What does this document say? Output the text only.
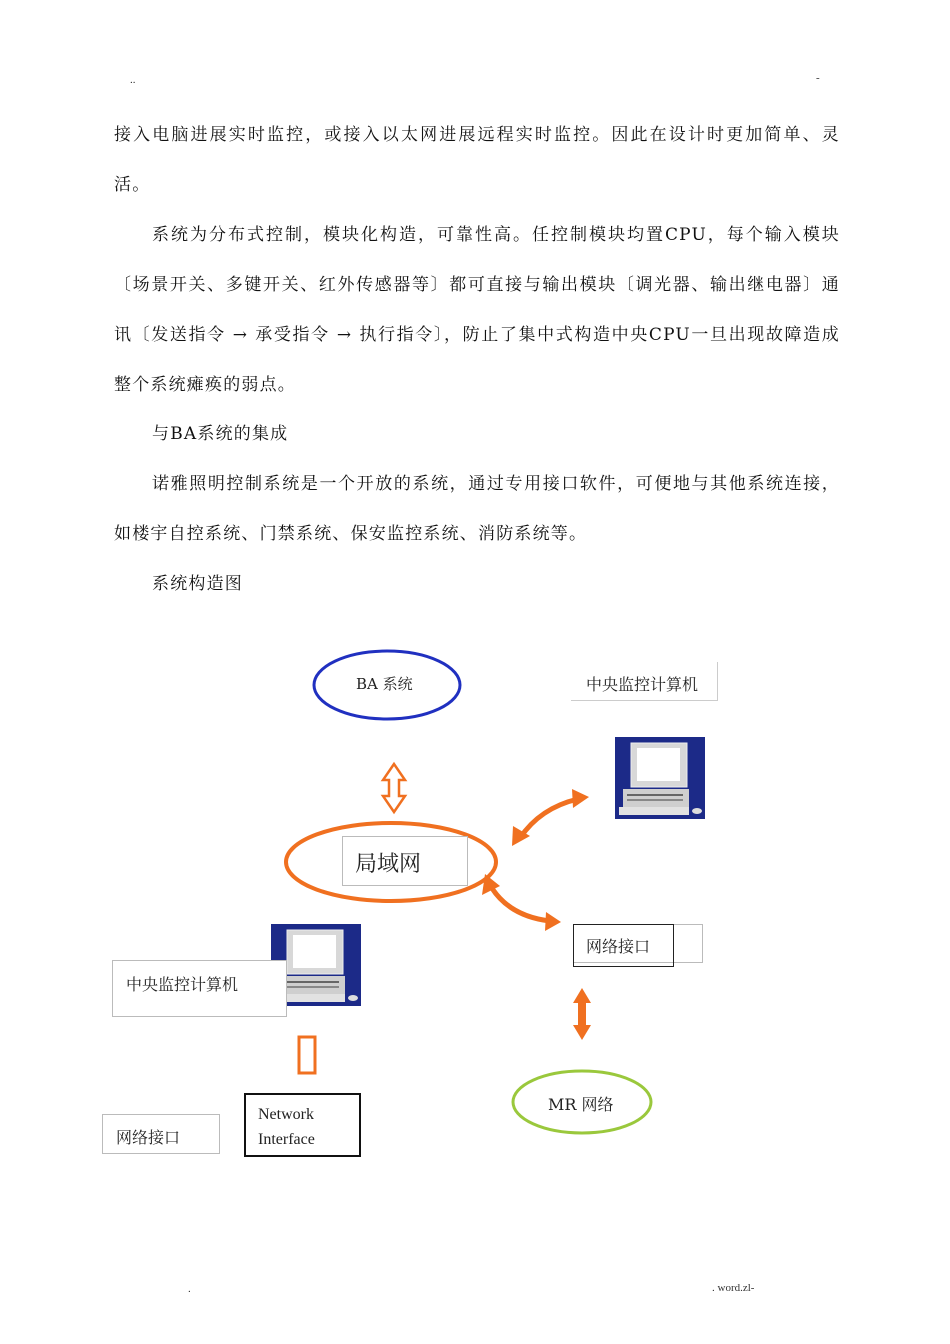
..	-
.	. word.zl-

接入电脑进展实时监控，或接入以太网进展远程实时监控。因此在设计时更加简单、灵活。

系统为分布式控制，模块化构造，可靠性高。任控制模块均置CPU，每个输入模块〔场景开关、多键开关、红外传感器等〕都可直接与输出模块〔调光器、输出继电器〕通讯〔发送指令 → 承受指令 → 执行指令〕，防止了集中式构造中央CPU一旦出现故障造成整个系统瘫痪的弱点。

与BA系统的集成

诺雅照明控制系统是一个开放的系统，通过专用接口软件，可便地与其他系统连接，如楼宇自控系统、门禁系统、保安监控系统、消防系统等。

系统构造图

BA 系统	中央监控计算机
局域网
网络接口
中央监控计算机
Network
Interface
网络接口
MR 网络
